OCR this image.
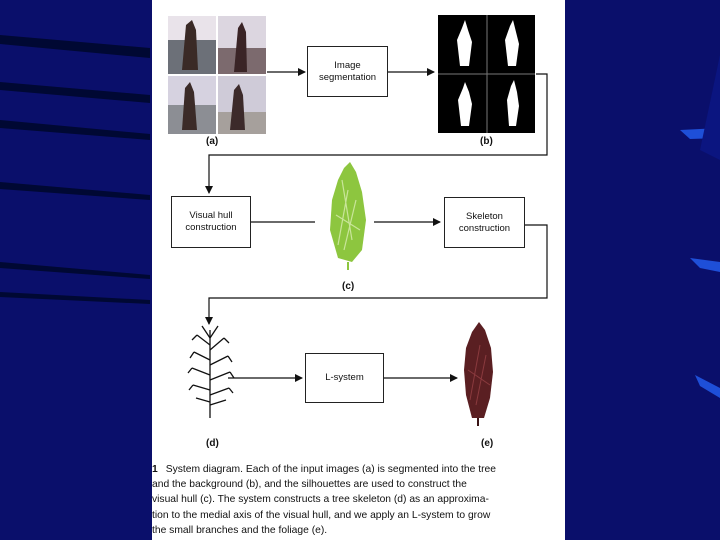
Image segmentation
Visual hull construction
Skeleton construction
L-system
(a)	(b)
(c)
(d)	(e)
1 System diagram. Each of the input images (a) is segmented into the tree
and the background (b), and the silhouettes are used to construct the
visual hull (c). The system constructs a tree skeleton (d) as an approxima-
tion to the medial axis of the visual hull, and we apply an L-system to grow
the small branches and the foliage (e).
